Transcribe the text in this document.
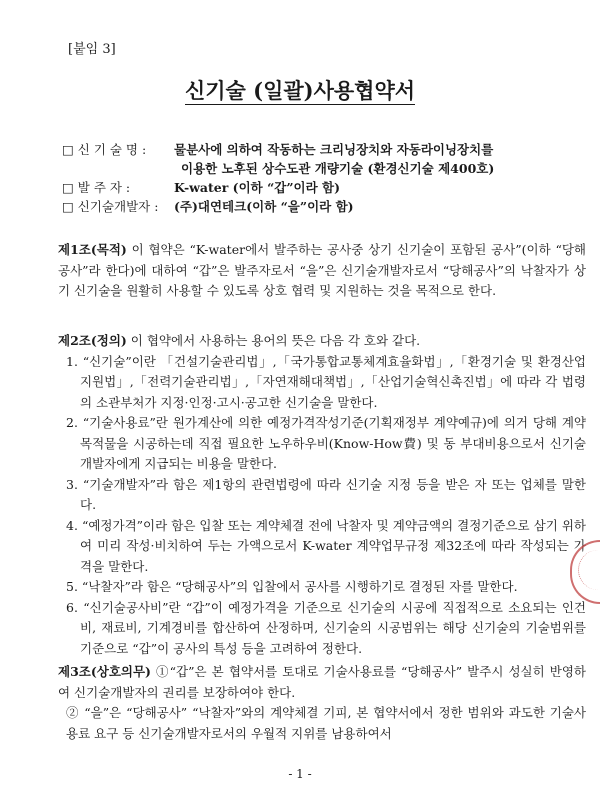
[붙임 3]
신기술 (일괄)사용협약서
□ 신 기 술 명 :	물분사에 의하여 작동하는 크리닝장치와 자동라이닝장치를
이용한 노후된 상수도관 개량기술 (환경신기술 제400호)
□ 발 주 자 :	K-water (이하 “갑”이라 함)
□ 신기술개발자 :	(주)대연테크(이하 “을”이라 함)

제1조(목적) 이 협약은 “K-water에서 발주하는 공사중 상기 신기술이 포함된 공사”(이하 “당해공사”라 한다)에 대하여 “갑”은 발주자로서 “을”은 신기술개발자로서 “당해공사”의 낙찰자가 상기 신기술을 원활히 사용할 수 있도록 상호 협력 및 지원하는 것을 목적으로 한다.

제2조(정의) 이 협약에서 사용하는 용어의 뜻은 다음 각 호와 같다.

1. “신기술”이란 「건설기술관리법」,「국가통합교통체계효율화법」,「환경기술 및 환경산업지원법」,「전력기술관리법」,「자연재해대책법」,「산업기술혁신촉진법」에 따라 각 법령의 소관부처가 지정·인정·고시·공고한 신기술을 말한다.

2. “기술사용료”란 원가계산에 의한 예정가격작성기준(기획재정부 계약예규)에 의거 당해 계약목적물을 시공하는데 직접 필요한 노우하우비(Know-How費) 및 동 부대비용으로서 신기술개발자에게 지급되는 비용을 말한다.

3. “기술개발자”라 함은 제1항의 관련법령에 따라 신기술 지정 등을 받은 자 또는 업체를 말한다.

4. “예정가격”이라 함은 입찰 또는 계약체결 전에 낙찰자 및 계약금액의 결정기준으로 삼기 위하여 미리 작성·비치하여 두는 가액으로서 K-water 계약업무규정 제32조에 따라 작성되는 가격을 말한다.

5. “낙찰자”라 함은 “당해공사”의 입찰에서 공사를 시행하기로 결정된 자를 말한다.

6. “신기술공사비”란 “갑”이 예정가격을 기준으로 신기술의 시공에 직접적으로 소요되는 인건비, 재료비, 기계경비를 합산하여 산정하며, 신기술의 시공범위는 해당 신기술의 기술범위를 기준으로 “갑”이 공사의 특성 등을 고려하여 정한다.

제3조(상호의무) ①“갑”은 본 협약서를 토대로 기술사용료를 “당해공사” 발주시 성실히 반영하여 신기술개발자의 권리를 보장하여야 한다.

② “을”은 “당해공사” “낙찰자”와의 계약체결 기피, 본 협약서에서 정한 범위와 과도한 기술사용료 요구 등 신기술개발자로서의 우월적 지위를 남용하여서

- 1 -
